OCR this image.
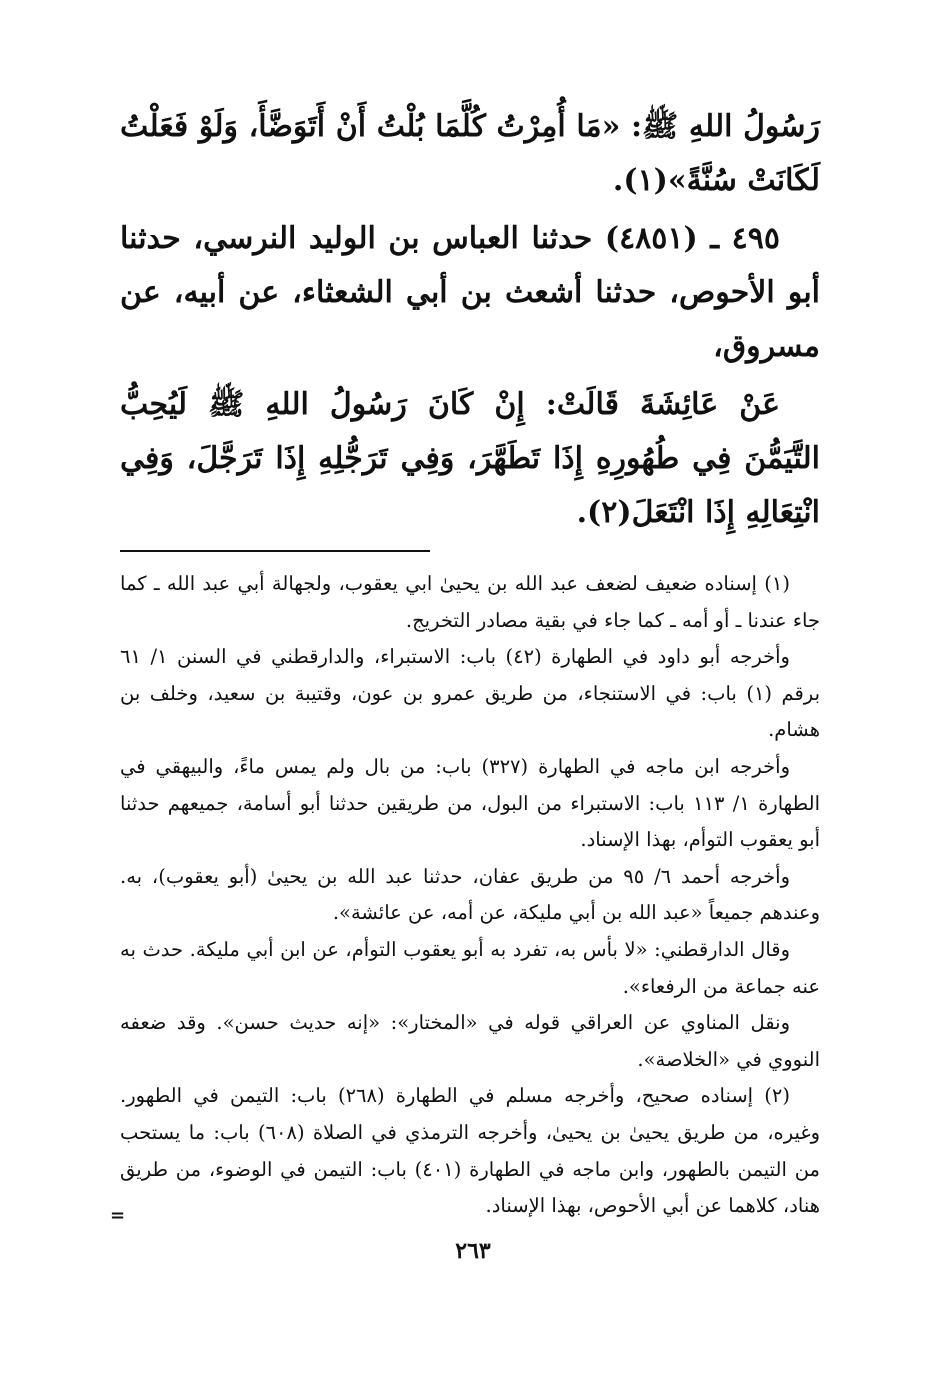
رَسُولُ اللهِ ﷺ: «مَا أُمِرْتُ كُلَّمَا بُلْتُ أَنْ أَتَوَضَّأَ، وَلَوْ فَعَلْتُ لَكَانَتْ سُنَّةً»(١).

٤٩٥ ـ (٤٨٥١) حدثنا العباس بن الوليد النرسي، حدثنا أبو الأحوص، حدثنا أشعث بن أبي الشعثاء، عن أبيه، عن مسروق،

عَنْ عَائِشَةَ قَالَتْ: إِنْ كَانَ رَسُولُ اللهِ ﷺ لَيُحِبُّ التَّيَمُّنَ فِي طُهُورِهِ إِذَا تَطَهَّرَ، وَفِي تَرَجُّلِهِ إِذَا تَرَجَّلَ، وَفِي انْتِعَالِهِ إِذَا انْتَعَلَ(٢).

(١) إسناده ضعيف لضعف عبد الله بن يحيىٰ ابي يعقوب، ولجهالة أبي عبد الله ـ كما جاء عندنا ـ أو أمه ـ كما جاء في بقية مصادر التخريج.

وأخرجه أبو داود في الطهارة (٤٢) باب: الاستبراء، والدارقطني في السنن ١/ ٦١ برقم (١) باب: في الاستنجاء، من طريق عمرو بن عون، وقتيبة بن سعيد، وخلف بن هشام.

وأخرجه ابن ماجه في الطهارة (٣٢٧) باب: من بال ولم يمس ماءً، والبيهقي في الطهارة ١/ ١١٣ باب: الاستبراء من البول، من طريقين حدثنا أبو أسامة، جميعهم حدثنا أبو يعقوب التوأم، بهذا الإسناد.

وأخرجه أحمد ٦/ ٩٥ من طريق عفان، حدثنا عبد الله بن يحيىٰ (أبو يعقوب)، به. وعندهم جميعاً «عبد الله بن أبي مليكة، عن أمه، عن عائشة».

وقال الدارقطني: «لا بأس به، تفرد به أبو يعقوب التوأم، عن ابن أبي مليكة. حدث به عنه جماعة من الرفعاء».

ونقل المناوي عن العراقي قوله في «المختار»: «إنه حديث حسن». وقد ضعفه النووي في «الخلاصة».

(٢) إسناده صحيح، وأخرجه مسلم في الطهارة (٢٦٨) باب: التيمن في الطهور. وغيره، من طريق يحيىٰ بن يحيىٰ، وأخرجه الترمذي في الصلاة (٦٠٨) باب: ما يستحب من التيمن بالطهور، وابن ماجه في الطهارة (٤٠١) باب: التيمن في الوضوء، من طريق هناد، كلاهما عن أبي الأحوص، بهذا الإسناد.

=
٢٦٣
